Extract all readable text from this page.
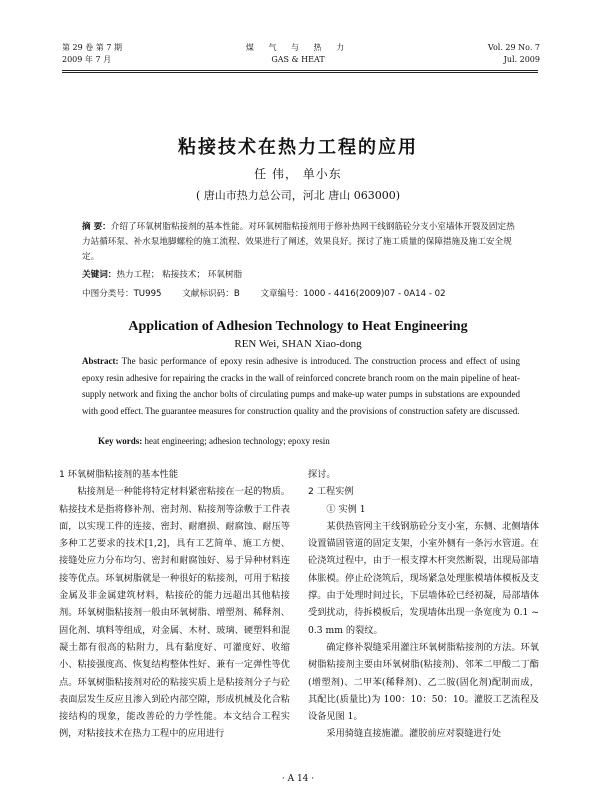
第 29 卷 第 7 期
2009 年 7 月
煤 气 与 热 力
GAS & HEAT
Vol. 29 No. 7
Jul. 2009
粘接技术在热力工程的应用
任 伟， 单小东
( 唐山市热力总公司，河北 唐山 063000)
摘 要：介绍了环氧树脂粘接剂的基本性能。对环氧树脂粘接剂用于修补热网干线钢筋砼分支小室墙体开裂及固定热力站循环泵、补水泵地脚螺栓的施工流程、效果进行了阐述，效果良好。探讨了施工质量的保障措施及施工安全规定。
关键词：热力工程； 粘接技术； 环氧树脂
中图分类号：TU995 文献标识码：B 文章编号：1000 - 4416(2009)07 - 0A14 - 02
Application of Adhesion Technology to Heat Engineering
REN Wei, SHAN Xiao-dong
Abstract: The basic performance of epoxy resin adhesive is introduced. The construction process and effect of using epoxy resin adhesive for repairing the cracks in the wall of reinforced concrete branch room on the main pipeline of heat-supply network and fixing the anchor bolts of circulating pumps and make-up water pumps in substations are expounded with good effect. The guarantee measures for construction quality and the provisions of construction safety are discussed.
Key words: heat engineering; adhesion technology; epoxy resin

1 环氧树脂粘接剂的基本性能

粘接剂是一种能将特定材料紧密粘接在一起的物质。粘接技术是指将修补剂、密封剂、粘接剂等涂敷于工件表面，以实现工件的连接、密封、耐磨损、耐腐蚀、耐压等多种工艺要求的技术[1,2]，具有工艺简单、施工方便、接缝处应力分布均匀、密封和耐腐蚀好、易于异种材料连接等优点。环氧树脂就是一种很好的粘接剂，可用于粘接金属及非金属建筑材料，粘接砼的能力远超出其他粘接剂。环氧树脂粘接剂一般由环氧树脂、增塑剂、稀释剂、固化剂、填料等组成，对金属、木材、玻璃、硬塑料和混凝土都有很高的粘附力，具有黏度好、可灌度好、收缩小、粘接强度高、恢复结构整体性好、兼有一定弹性等优点。环氧树脂粘接剂对砼的粘接实质上是粘接剂分子与砼表面层发生反应且渗入到砼内部空隙，形成机械及化合粘接结构的现象，能改善砼的力学性能。本文结合工程实例，对粘接技术在热力工程中的应用进行

探讨。

2 工程实例

① 实例 1

某供热管网主干线钢筋砼分支小室，东侧、北侧墙体设置锚固管道的固定支架，小室外侧有一条污水管道。在砼浇筑过程中，由于一根支撑木杆突然断裂，出现局部墙体胀模。停止砼浇筑后，现场紧急处理胀模墙体模板及支撑。由于处理时间过长，下层墙体砼已经初凝，局部墙体受到扰动，待拆模板后，发现墙体出现一条宽度为 0.1 ~ 0.3 mm 的裂纹。

确定修补裂缝采用灌注环氧树脂粘接剂的方法。环氧树脂粘接剂主要由环氧树脂(粘接剂)、邻苯二甲酸二丁酯(增塑剂)、二甲苯(稀释剂)、乙二胺(固化剂)配制而成，其配比(质量比)为 100：10：50：10。灌胶工艺流程及设备见图 1。

采用骑缝直接施灌。灌胶前应对裂缝进行处

· A 14 ·
